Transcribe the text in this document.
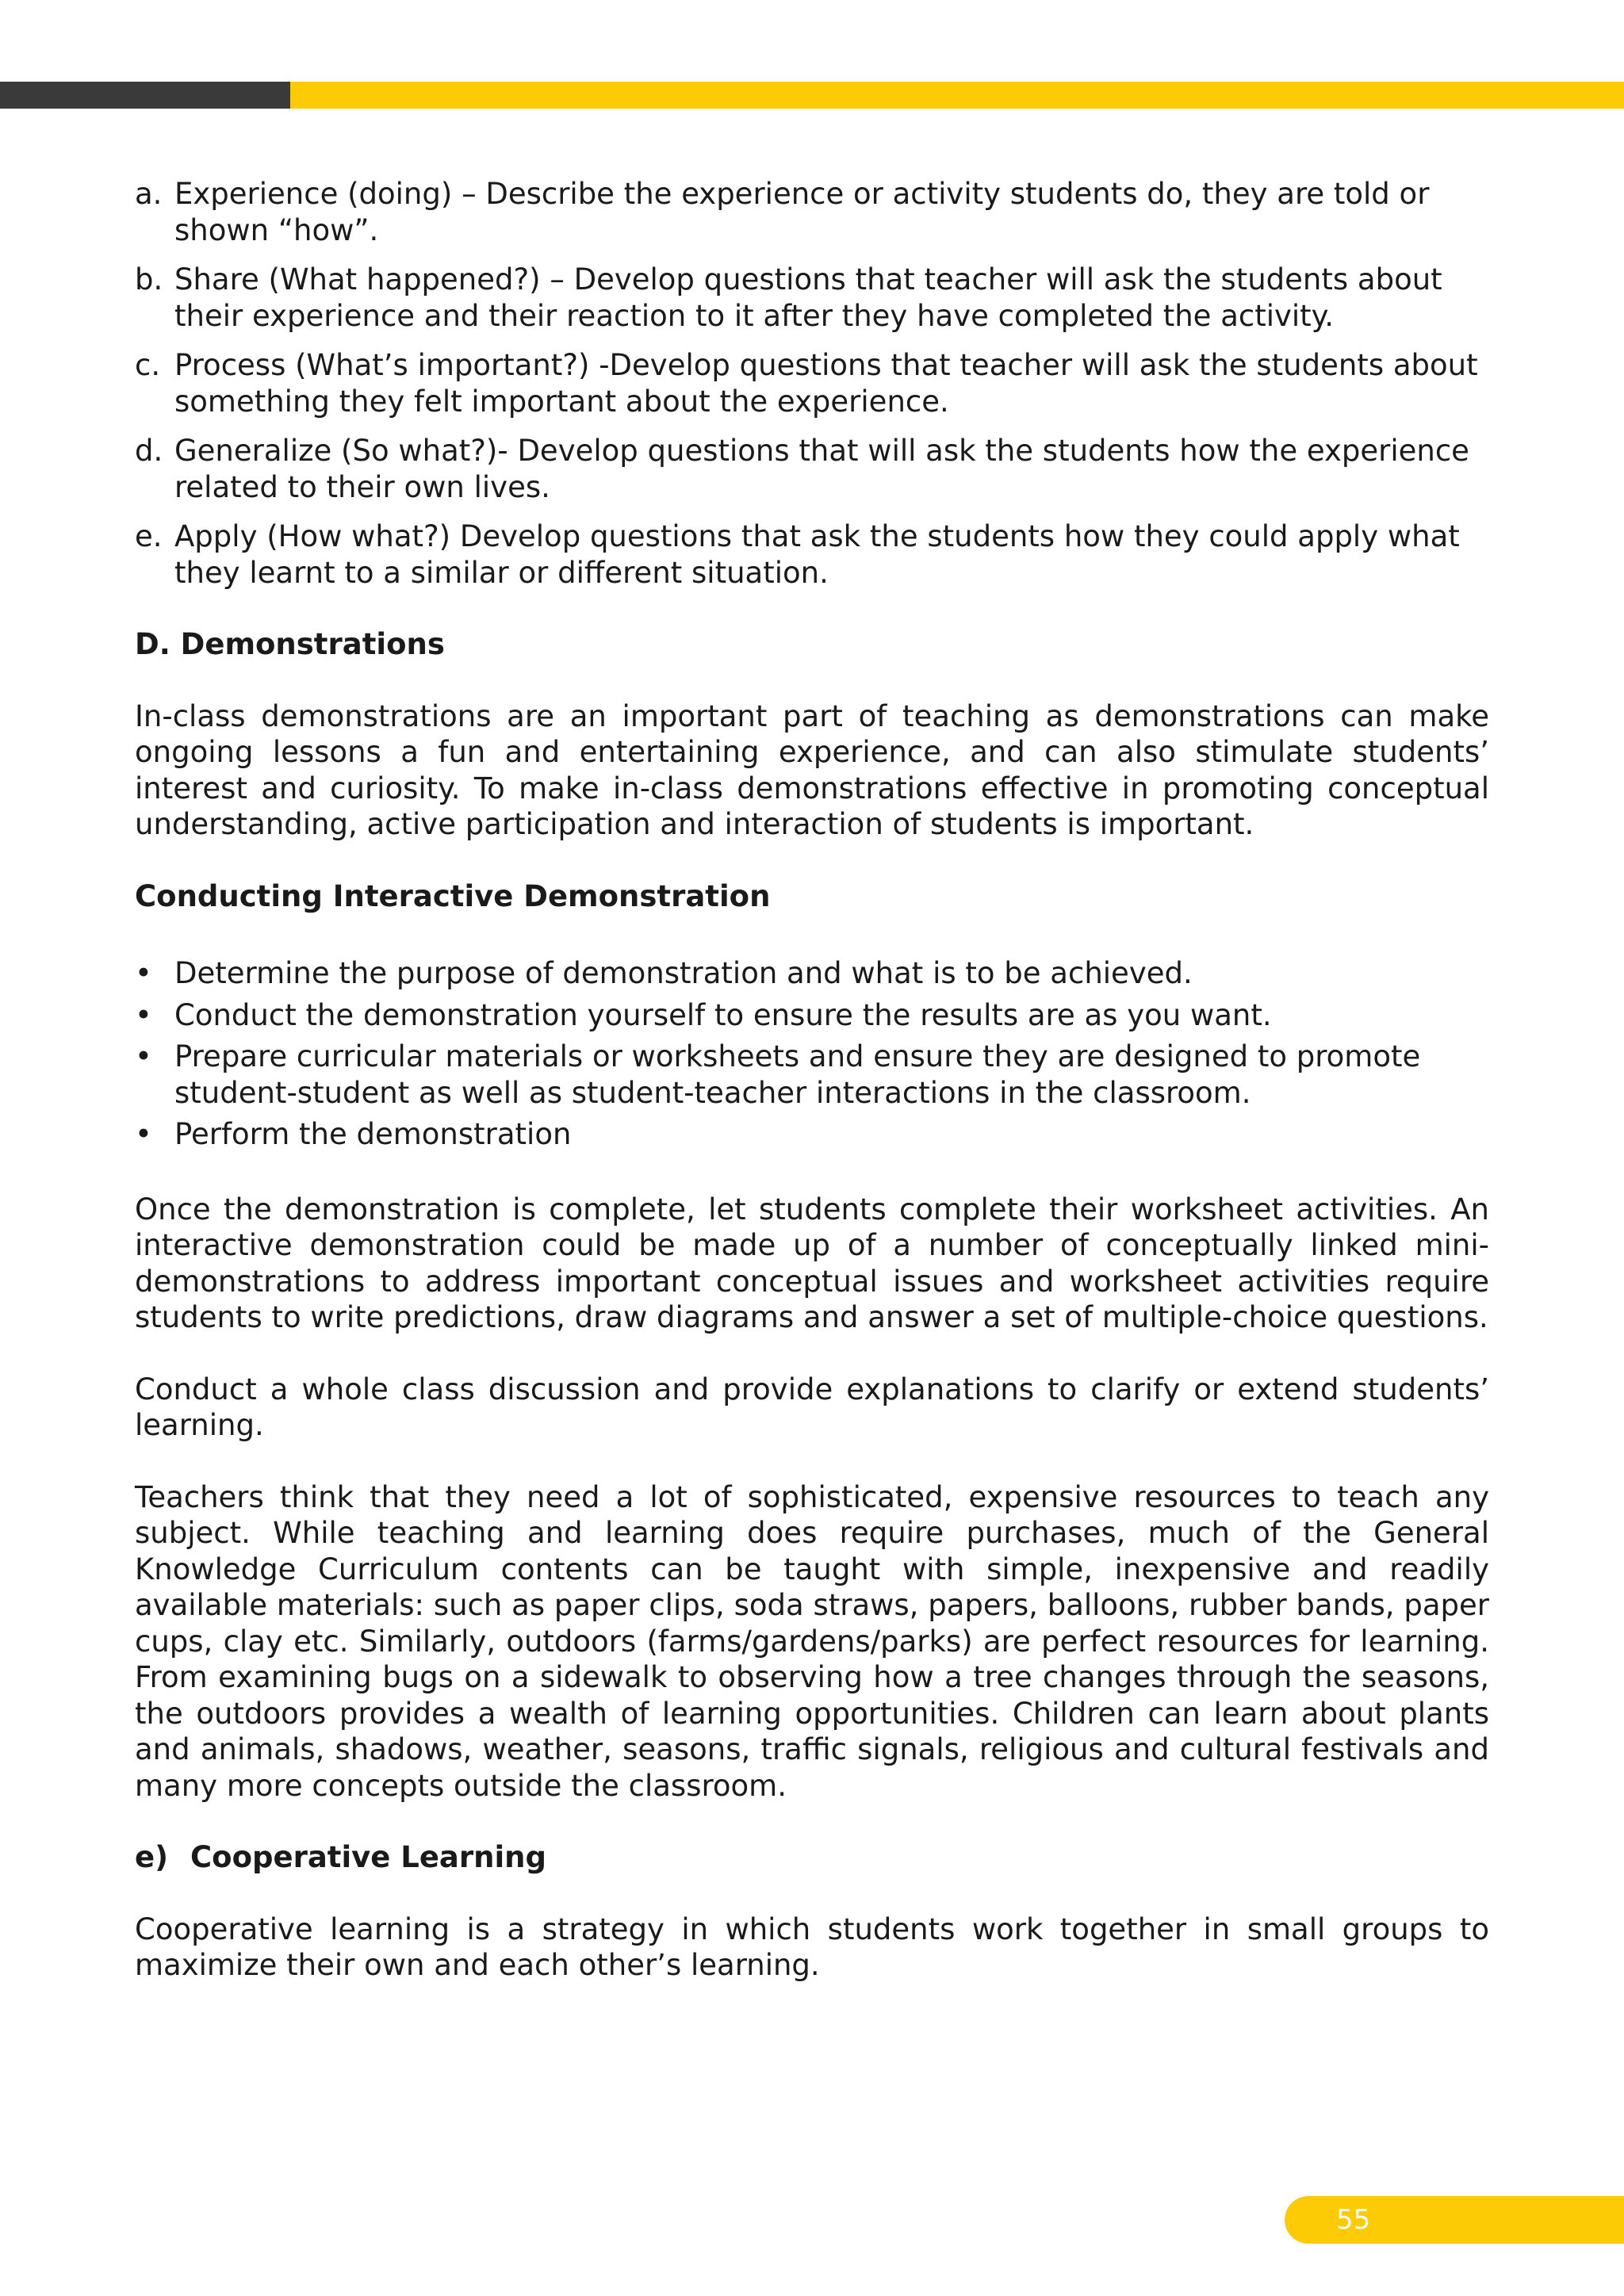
a. Experience (doing) – Describe the experience or activity students do, they are told or shown “how”.
b. Share (What happened?) – Develop questions that teacher will ask the students about their experience and their reaction to it after they have completed the activity.
c. Process (What’s important?) -Develop questions that teacher will ask the students about something they felt important about the experience.
d. Generalize (So what?)- Develop questions that will ask the students how the experience related to their own lives.
e. Apply (How what?) Develop questions that ask the students how they could apply what they learnt to a similar or different situation.
D. Demonstrations

In-class demonstrations are an important part of teaching as demonstrations can make ongoing lessons a fun and entertaining experience, and can also stimulate students’ interest and curiosity. To make in-class demonstrations effective in promoting conceptual understanding, active participation and interaction of students is important.

Conducting Interactive Demonstration
• Determine the purpose of demonstration and what is to be achieved.
• Conduct the demonstration yourself to ensure the results are as you want.
• Prepare curricular materials or worksheets and ensure they are designed to promote student-student as well as student-teacher interactions in the classroom.
• Perform the demonstration

Once the demonstration is complete, let students complete their worksheet activities. An interactive demonstration could be made up of a number of conceptually linked mini-demonstrations to address important conceptual issues and worksheet activities require students to write predictions, draw diagrams and answer a set of multiple-choice questions.

Conduct a whole class discussion and provide explanations to clarify or extend students’ learning.

Teachers think that they need a lot of sophisticated, expensive resources to teach any subject. While teaching and learning does require purchases, much of the General Knowledge Curriculum contents can be taught with simple, inexpensive and readily available materials: such as paper clips, soda straws, papers, balloons, rubber bands, paper cups, clay etc. Similarly, outdoors (farms/gardens/parks) are perfect resources for learning. From examining bugs on a sidewalk to observing how a tree changes through the seasons, the outdoors provides a wealth of learning opportunities. Children can learn about plants and animals, shadows, weather, seasons, traffic signals, religious and cultural festivals and many more concepts outside the classroom.

e) Cooperative Learning

Cooperative learning is a strategy in which students work together in small groups to maximize their own and each other’s learning.

55
